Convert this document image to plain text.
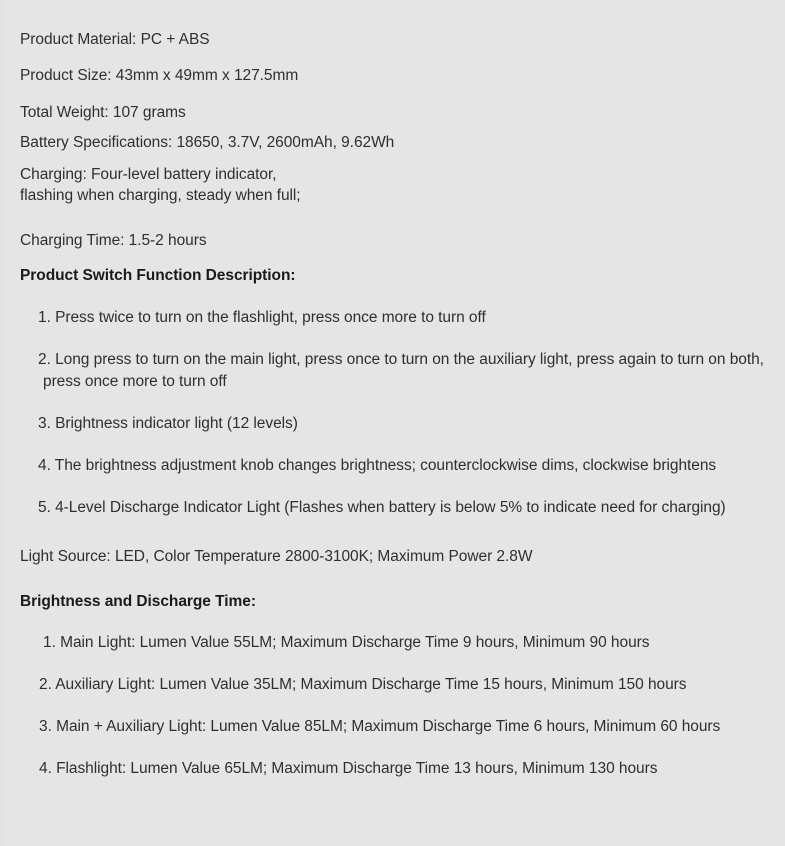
Product Material: PC + ABS

Product Size: 43mm x 49mm x 127.5mm

Total Weight: 107 grams

Battery Specifications: 18650, 3.7V, 2600mAh, 9.62Wh

Charging: Four-level battery indicator,
flashing when charging, steady when full;

Charging Time: 1.5-2 hours

Product Switch Function Description:
1. Press twice to turn on the flashlight, press once more to turn off
2. Long press to turn on the main light, press once to turn on the auxiliary light, press again to turn on both, press once more to turn off
3. Brightness indicator light (12 levels)
4. The brightness adjustment knob changes brightness; counterclockwise dims, clockwise brightens
5. 4-Level Discharge Indicator Light (Flashes when battery is below 5% to indicate need for charging)

Light Source: LED, Color Temperature 2800-3100K; Maximum Power 2.8W

Brightness and Discharge Time:
1. Main Light: Lumen Value 55LM; Maximum Discharge Time 9 hours, Minimum 90 hours
2. Auxiliary Light: Lumen Value 35LM; Maximum Discharge Time 15 hours, Minimum 150 hours
3. Main + Auxiliary Light: Lumen Value 85LM; Maximum Discharge Time 6 hours, Minimum 60 hours
4. Flashlight: Lumen Value 65LM; Maximum Discharge Time 13 hours, Minimum 130 hours
